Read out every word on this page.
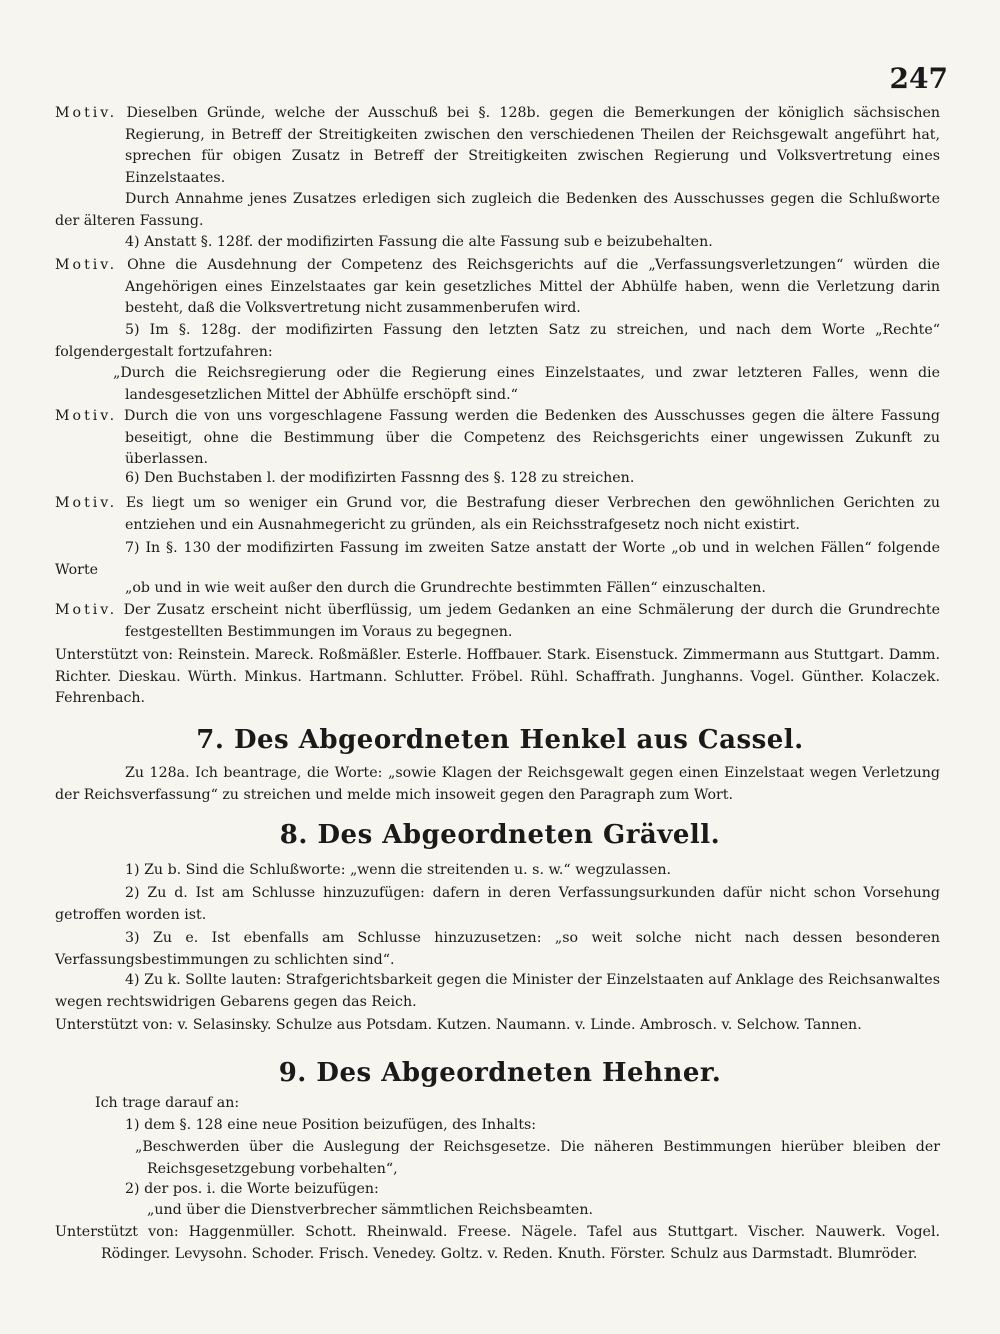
247

Motiv. Dieselben Gründe, welche der Ausschuß bei §. 128b. gegen die Bemerkungen der königlich sächsischen Regierung, in Betreff der Streitigkeiten zwischen den verschiedenen Theilen der Reichsgewalt angeführt hat, sprechen für obigen Zusatz in Betreff der Streitigkeiten zwischen Regierung und Volksvertretung eines Einzelstaates.

Durch Annahme jenes Zusatzes erledigen sich zugleich die Bedenken des Ausschusses gegen die Schlußworte der älteren Fassung.

4) Anstatt §. 128f. der modifizirten Fassung die alte Fassung sub e beizubehalten.

Motiv. Ohne die Ausdehnung der Competenz des Reichsgerichts auf die „Verfassungsverletzungen“ würden die Angehörigen eines Einzelstaates gar kein gesetzliches Mittel der Abhülfe haben, wenn die Verletzung darin besteht, daß die Volksvertretung nicht zusammenberufen wird.

5) Im §. 128g. der modifizirten Fassung den letzten Satz zu streichen, und nach dem Worte „Rechte“ folgendergestalt fortzufahren:

„Durch die Reichsregierung oder die Regierung eines Einzelstaates, und zwar letzteren Falles, wenn die landesgesetzlichen Mittel der Abhülfe erschöpft sind.“

Motiv. Durch die von uns vorgeschlagene Fassung werden die Bedenken des Ausschusses gegen die ältere Fassung beseitigt, ohne die Bestimmung über die Competenz des Reichsgerichts einer ungewissen Zukunft zu überlassen.

6) Den Buchstaben l. der modifizirten Fassnng des §. 128 zu streichen.

Motiv. Es liegt um so weniger ein Grund vor, die Bestrafung dieser Verbrechen den gewöhnlichen Gerichten zu entziehen und ein Ausnahmegericht zu gründen, als ein Reichsstrafgesetz noch nicht existirt.

7) In §. 130 der modifizirten Fassung im zweiten Satze anstatt der Worte „ob und in welchen Fällen“ folgende Worte

„ob und in wie weit außer den durch die Grundrechte bestimmten Fällen“ einzuschalten.

Motiv. Der Zusatz erscheint nicht überflüssig, um jedem Gedanken an eine Schmälerung der durch die Grundrechte festgestellten Bestimmungen im Voraus zu begegnen.

Unterstützt von: Reinstein. Mareck. Roßmäßler. Esterle. Hoffbauer. Stark. Eisenstuck. Zimmermann aus Stuttgart. Damm. Richter. Dieskau. Würth. Minkus. Hartmann. Schlutter. Fröbel. Rühl. Schaffrath. Junghanns. Vogel. Günther. Kolaczek. Fehrenbach.

7. Des Abgeordneten Henkel aus Cassel.

Zu 128a. Ich beantrage, die Worte: „sowie Klagen der Reichsgewalt gegen einen Einzelstaat wegen Verletzung der Reichsverfassung“ zu streichen und melde mich insoweit gegen den Paragraph zum Wort.

8. Des Abgeordneten Grävell.

1) Zu b. Sind die Schlußworte: „wenn die streitenden u. s. w.“ wegzulassen.

2) Zu d. Ist am Schlusse hinzuzufügen: dafern in deren Verfassungsurkunden dafür nicht schon Vorsehung getroffen worden ist.

3) Zu e. Ist ebenfalls am Schlusse hinzuzusetzen: „so weit solche nicht nach dessen besonderen Verfassungsbestimmungen zu schlichten sind“.

4) Zu k. Sollte lauten: Strafgerichtsbarkeit gegen die Minister der Einzelstaaten auf Anklage des Reichsanwaltes wegen rechtswidrigen Gebarens gegen das Reich.

Unterstützt von: v. Selasinsky. Schulze aus Potsdam. Kutzen. Naumann. v. Linde. Ambrosch. v. Selchow. Tannen.

9. Des Abgeordneten Hehner.

Ich trage darauf an:

1) dem §. 128 eine neue Position beizufügen, des Inhalts:

„Beschwerden über die Auslegung der Reichsgesetze. Die näheren Bestimmungen hierüber bleiben der Reichsgesetzgebung vorbehalten“,

2) der pos. i. die Worte beizufügen:

„und über die Dienstverbrecher sämmtlichen Reichsbeamten.

Unterstützt von: Haggenmüller. Schott. Rheinwald. Freese. Nägele. Tafel aus Stuttgart. Vischer. Nauwerk. Vogel. Rödinger. Levysohn. Schoder. Frisch. Venedey. Goltz. v. Reden. Knuth. Förster. Schulz aus Darmstadt. Blumröder.
